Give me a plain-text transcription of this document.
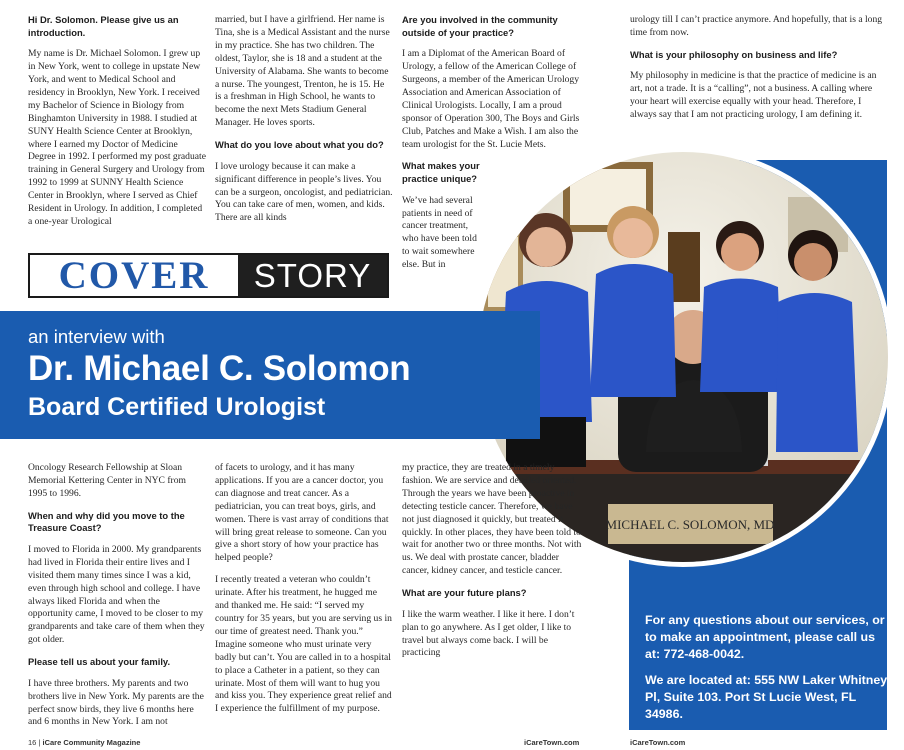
Hi Dr. Solomon. Please give us an introduction.
My name is Dr. Michael Solomon. I grew up in New York, went to college in upstate New York, and went to Medical School and residency in Brooklyn, New York. I received my Bachelor of Science in Biology from Binghamton University in 1988. I studied at SUNY Health Science Center at Brooklyn, where I earned my Doctor of Medicine Degree in 1992. I performed my post graduate training in General Surgery and Urology from 1992 to 1999 at SUNNY Health Science Center in Brooklyn, where I served as Chief Resident in Urology. In addition, I completed a one-year Urological
married, but I have a girlfriend. Her name is Tina, she is a Medical Assistant and the nurse in my practice. She has two children. The oldest, Taylor, she is 18 and a student at the University of Alabama. She wants to become a nurse. The youngest, Trenton, he is 15. He is a freshman in High School, he wants to become the next Mets Stadium General Manager. He loves sports.
What do you love about what you do?
I love urology because it can make a significant difference in people’s lives. You can be a surgeon, oncologist, and pediatrician. You can take care of men, women, and kids. There are all kinds
Are you involved in the community outside of your practice?
I am a Diplomat of the American Board of Urology, a fellow of the American College of Surgeons, a member of the American Urology Association and American Association of Clinical Urologists. Locally, I am a proud sponsor of Operation 300, The Boys and Girls Club, Patches and Make a Wish. I am also the team urologist for the St. Lucie Mets.
What makes your practice unique?
We’ve had several patients in need of cancer treatment, who have been told to wait somewhere else. But in
urology till I can’t practice anymore. And hopefully, that is a long time from now.
What is your philosophy on business and life?
My philosophy in medicine is that the practice of medicine is an art, not a trade. It is a “calling”, not a business. A calling where your heart will exercise equally with your head. Therefore, I always say that I am not practicing urology, I am defining it.
MICHAEL C. SOLOMON, MD
COVER	STORY
an interview with
Dr. Michael C. Solomon
Board Certified Urologist
Oncology Research Fellowship at Sloan Memorial Kettering Center in NYC from 1995 to 1996.
When and why did you move to the Treasure Coast?
I moved to Florida in 2000. My grandparents had lived in Florida their entire lives and I visited them many times since I was a kid, even through high school and college. I have always liked Florida and when the opportunity came, I moved to be closer to my grandparents and take care of them when they got older.
Please tell us about your family.
I have three brothers. My parents and two brothers live in New York. My parents are the perfect snow birds, they live 6 months here and 6 months in New York. I am not
of facets to urology, and it has many applications. If you are a cancer doctor, you can diagnose and treat cancer. As a pediatrician, you can treat boys, girls, and women. There is vast array of conditions that will bring great release to someone. Can you give a short story of how your practice has helped people?
I recently treated a veteran who couldn’t urinate. After his treatment, he hugged me and thanked me. He said: “I served my country for 35 years, but you are serving us in our time of greatest need. Thank you.” Imagine someone who must urinate very badly but can’t. You are called in to a hospital to place a Catheter in a patient, so they can urinate. Most of them will want to hug you and kiss you. They experience great relief and I experience the fulfillment of my purpose.
my practice, they are treated in a timely fashion. We are service and detailed oriented. Through the years we have been proactive in detecting testicle cancer. Therefore, we have not just diagnosed it quickly, but treated it quickly. In other places, they have been told to wait for another two or three months. Not with us. We deal with prostate cancer, bladder cancer, kidney cancer, and testicle cancer.
What are your future plans?
I like the warm weather. I like it here. I don’t plan to go anywhere. As I get older, I like to travel but always come back. I will be practicing
For any questions about our services, or to make an appointment, please call us at: 772-468-0042.
We are located at: 555 NW Laker Whitney Pl, Suite 103. Port St Lucie West, FL 34986.
16 | iCare Community Magazine	iCareTown.com	iCareTown.com
